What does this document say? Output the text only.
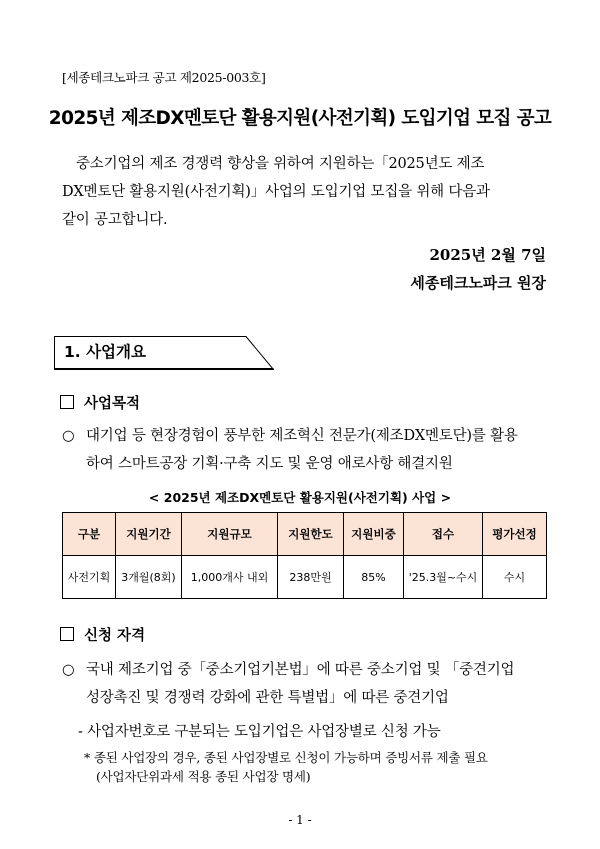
[세종테크노파크 공고 제2025-003호]
2025년 제조DX멘토단 활용지원(사전기획) 도입기업 모집 공고

중소기업의 제조 경쟁력 향상을 위하여 지원하는「2025년도 제조

DX멘토단 활용지원(사전기획)」사업의 도입기업 모집을 위해 다음과

같이 공고합니다.

2025년 2월 7일
세종테크노파크 원장
1. 사업개요
사업목적
○ 대기업 등 현장경험이 풍부한 제조혁신 전문가(제조DX멘토단)를 활용
하여 스마트공장 기획·구축 지도 및 운영 애로사항 해결지원
< 2025년 제조DX멘토단 활용지원(사전기획) 사업 >
구분	지원기간	지원규모	지원한도	지원비중	접수	평가선정
사전기획	3개월(8회)	1,000개사 내외	238만원	85%	'25.3월~수시	수시
신청 자격
○ 국내 제조기업 중「중소기업기본법」에 따른 중소기업 및 「중견기업
성장촉진 및 경쟁력 강화에 관한 특별법」에 따른 중견기업
- 사업자번호로 구분되는 도입기업은 사업장별로 신청 가능
* 종된 사업장의 경우, 종된 사업장별로 신청이 가능하며 증빙서류 제출 필요
(사업자단위과세 적용 종된 사업장 명세)
- 1 -
